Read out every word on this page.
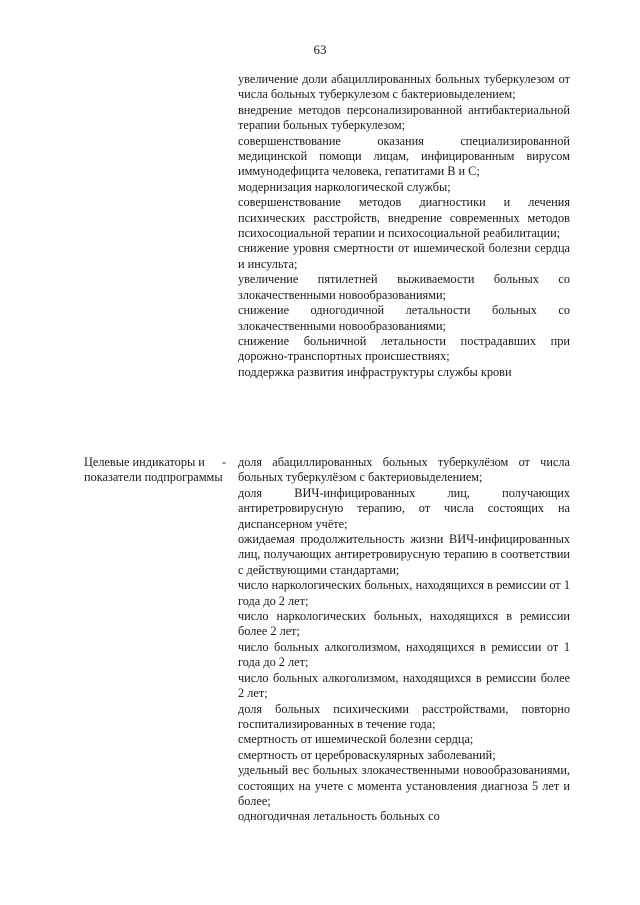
63

увеличение доли абациллированных больных туберкулезом от числа больных туберкулезом с бактериовыделением;

внедрение методов персонализированной антибактериальной терапии больных туберкулезом;

совершенствование оказания специализированной медицинской помощи лицам, инфицированным вирусом иммунодефицита человека, гепатитами B и C;

модернизация наркологической службы;

совершенствование методов диагностики и лечения психических расстройств, внедрение современных методов психосоциальной терапии и психосоциальной реабилитации;

снижение уровня смертности от ишемической болезни сердца и инсульта;

увеличение пятилетней выживаемости больных со злокачественными новообразованиями;

снижение одногодичной летальности больных со злокачественными новообразованиями;

снижение больничной летальности пострадавших при дорожно-транспортных происшествиях;

поддержка развития инфраструктуры службы крови

Целевые индикаторы и показатели подпрограммы
- доля абациллированных больных туберкулёзом от числа больных туберкулёзом с бактериовыделением;

доля ВИЧ-инфицированных лиц, получающих антиретровирусную терапию, от числа состоящих на диспансерном учёте;

ожидаемая продолжительность жизни ВИЧ-инфицированных лиц, получающих антиретровирусную терапию в соответствии с действующими стандартами;

число наркологических больных, находящихся в ремиссии от 1 года до 2 лет;

число наркологических больных, находящихся в ремиссии более 2 лет;

число больных алкоголизмом, находящихся в ремиссии от 1 года до 2 лет;

число больных алкоголизмом, находящихся в ремиссии более 2 лет;

доля больных психическими расстройствами, повторно госпитализированных в течение года;

смертность от ишемической болезни сердца;

смертность от цереброваскулярных заболеваний;

удельный вес больных злокачественными новообразованиями, состоящих на учете с момента установления диагноза 5 лет и более;

одногодичная летальность больных со
